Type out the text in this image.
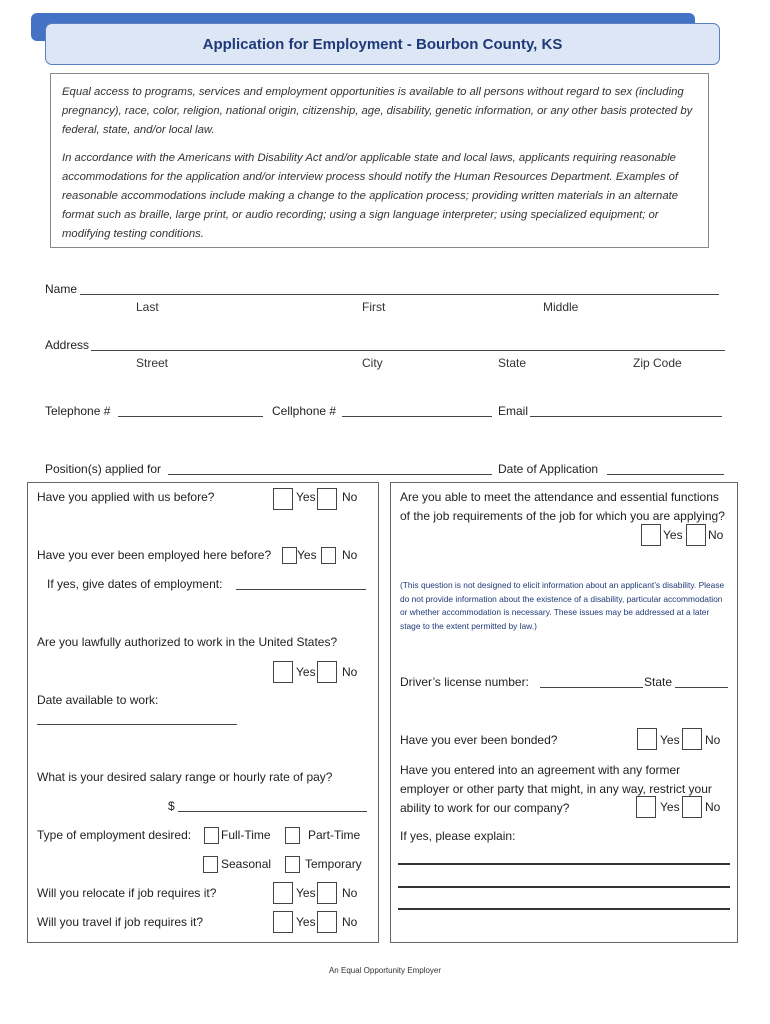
Application for Employment - Bourbon County, KS

Equal access to programs, services and employment opportunities is available to all persons without regard to sex (including pregnancy), race, color, religion, national origin, citizenship, age, disability, genetic information, or any other basis protected by federal, state, and/or local law.

In accordance with the Americans with Disability Act and/or applicable state and local laws, applicants requiring reasonable accommodations for the application and/or interview process should notify the Human Resources Department. Examples of reasonable accommodations include making a change to the application process; providing written materials in an alternate format such as braille, large print, or audio recording; using a sign language interpreter; using specialized equipment; or modifying testing conditions.

Name
Last	First	Middle
Address
Street	City	State	Zip Code
Telephone #	Cellphone #	Email
Position(s) applied for	Date of Application
Have you applied with us before?	Yes No
Have you ever been employed here before? Yes No
If yes, give dates of employment:
Are you lawfully authorized to work in the United States?
Yes No
Date available to work:
What is your desired salary range or hourly rate of pay?
$
Type of employment desired: Full-Time	Part-Time
Seasonal	Temporary
Will you relocate if job requires it?	Yes No
Will you travel if job requires it?	Yes No
Are you able to meet the attendance and essential functions of the job requirements of the job for which you are applying?
Yes No
(This question is not designed to elicit information about an applicant’s disability. Please do not provide information about the existence of a disability, particular accommodation or whether accommodation is necessary. These issues may be addressed at a later stage to the extent permitted by law.)
Driver’s license number:	State
Have you ever been bonded?	Yes No
Have you entered into an agreement with any former employer or other party that might, in any way, restrict your ability to work for our company?	Yes No
If yes, please explain:
An Equal Opportunity Employer
